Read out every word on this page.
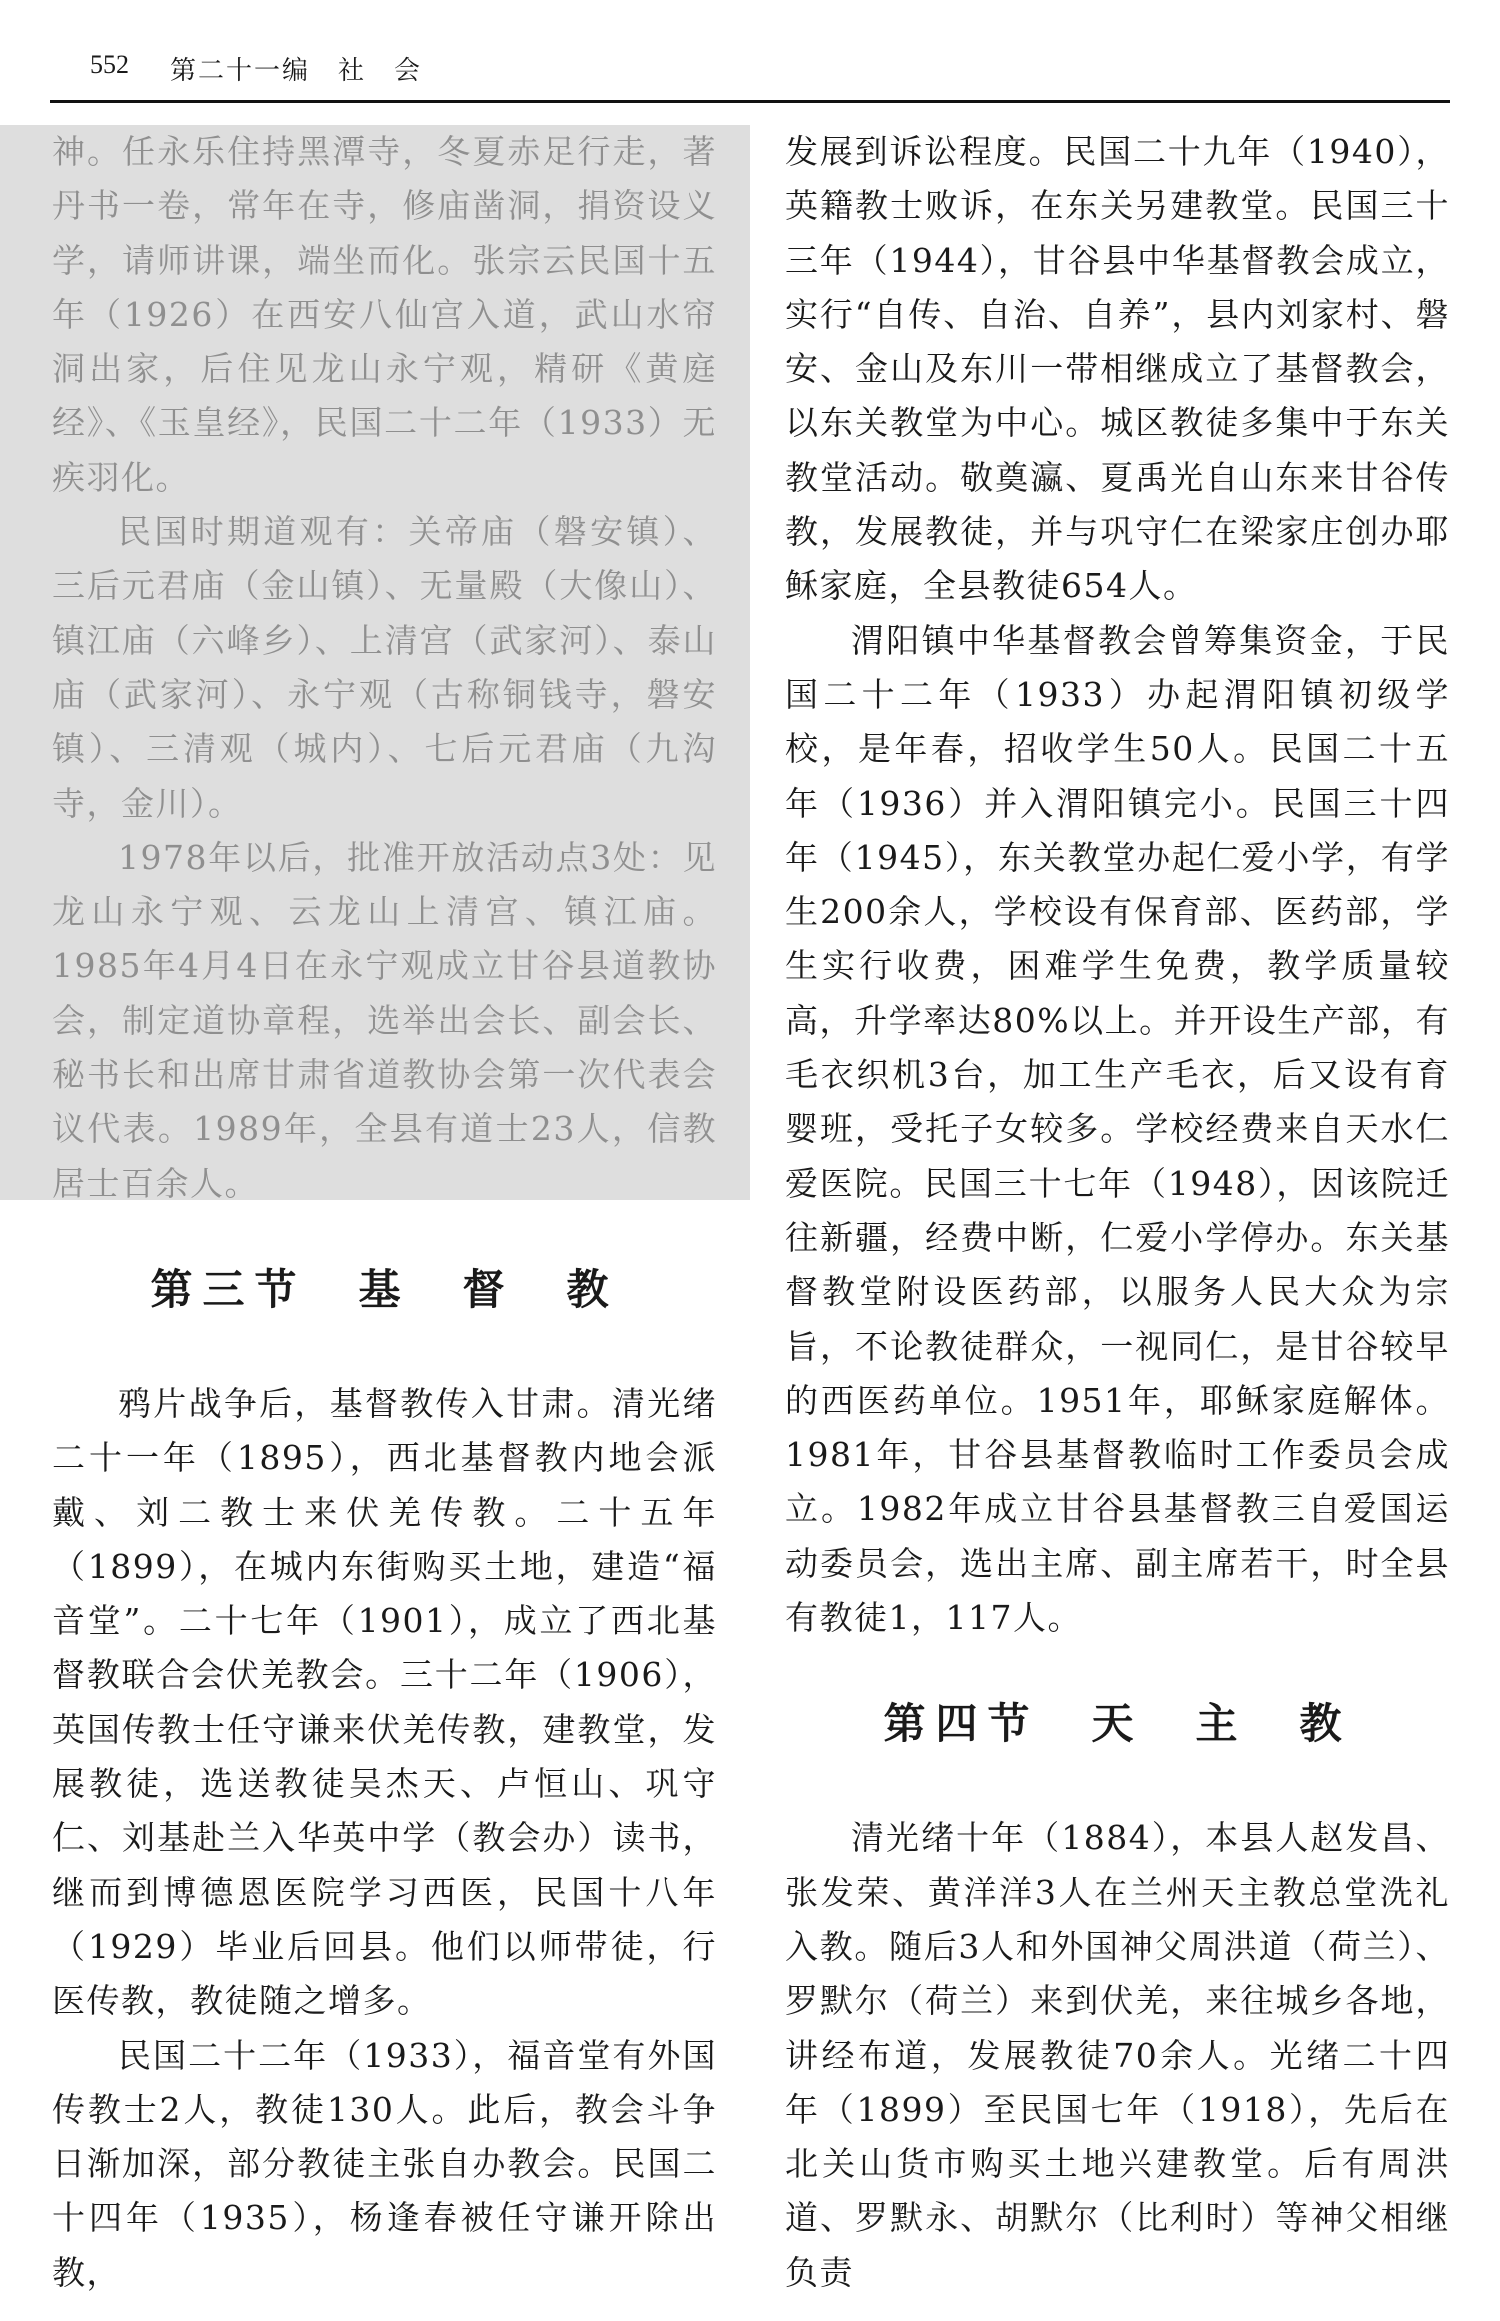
552 第二十一编　社　会

神。任永乐住持黑潭寺，冬夏赤足行走，著丹书一卷，常年在寺，修庙凿洞，捐资设义学，请师讲课，端坐而化。张宗云民国十五年（1926）在西安八仙宫入道，武山水帘洞出家，后住见龙山永宁观，精研《黄庭经》、《玉皇经》，民国二十二年（1933）无疾羽化。

民国时期道观有：关帝庙（磐安镇）、三后元君庙（金山镇）、无量殿（大像山）、镇江庙（六峰乡）、上清宫（武家河）、泰山庙（武家河）、永宁观（古称铜钱寺，磐安镇）、三清观（城内）、七后元君庙（九沟寺，金川）。

1978年以后，批准开放活动点3处：见龙山永宁观、云龙山上清宫、镇江庙。1985年4月4日在永宁观成立甘谷县道教协会，制定道协章程，选举出会长、副会长、秘书长和出席甘肃省道教协会第一次代表会议代表。1989年，全县有道士23人，信教居士百余人。

第三节　基　督　教

鸦片战争后，基督教传入甘肃。清光绪二十一年（1895），西北基督教内地会派戴、刘二教士来伏羌传教。二十五年（1899），在城内东街购买土地，建造“福音堂”。二十七年（1901），成立了西北基督教联合会伏羌教会。三十二年（1906），英国传教士任守谦来伏羌传教，建教堂，发展教徒，选送教徒吴杰天、卢恒山、巩守仁、刘基赴兰入华英中学（教会办）读书，继而到博德恩医院学习西医，民国十八年（1929）毕业后回县。他们以师带徒，行医传教，教徒随之增多。

民国二十二年（1933），福音堂有外国传教士2人，教徒130人。此后，教会斗争日渐加深，部分教徒主张自办教会。民国二十四年（1935），杨逢春被任守谦开除出教，

发展到诉讼程度。民国二十九年（1940），英籍教士败诉，在东关另建教堂。民国三十三年（1944），甘谷县中华基督教会成立，实行“自传、自治、自养”，县内刘家村、磐安、金山及东川一带相继成立了基督教会，以东关教堂为中心。城区教徒多集中于东关教堂活动。敬奠瀛、夏禹光自山东来甘谷传教，发展教徒，并与巩守仁在梁家庄创办耶稣家庭，全县教徒654人。

渭阳镇中华基督教会曾筹集资金，于民国二十二年（1933）办起渭阳镇初级学校，是年春，招收学生50人。民国二十五年（1936）并入渭阳镇完小。民国三十四年（1945），东关教堂办起仁爱小学，有学生200余人，学校设有保育部、医药部，学生实行收费，困难学生免费，教学质量较高，升学率达80%以上。并开设生产部，有毛衣织机3台，加工生产毛衣，后又设有育婴班，受托子女较多。学校经费来自天水仁爱医院。民国三十七年（1948），因该院迁往新疆，经费中断，仁爱小学停办。东关基督教堂附设医药部，以服务人民大众为宗旨，不论教徒群众，一视同仁，是甘谷较早的西医药单位。1951年，耶稣家庭解体。1981年，甘谷县基督教临时工作委员会成立。1982年成立甘谷县基督教三自爱国运动委员会，选出主席、副主席若干，时全县有教徒1，117人。

第四节　天　主　教

清光绪十年（1884），本县人赵发昌、张发荣、黄洋洋3人在兰州天主教总堂洗礼入教。随后3人和外国神父周洪道（荷兰）、罗默尔（荷兰）来到伏羌，来往城乡各地，讲经布道，发展教徒70余人。光绪二十四年（1899）至民国七年（1918），先后在北关山货市购买土地兴建教堂。后有周洪道、罗默永、胡默尔（比利时）等神父相继负责
